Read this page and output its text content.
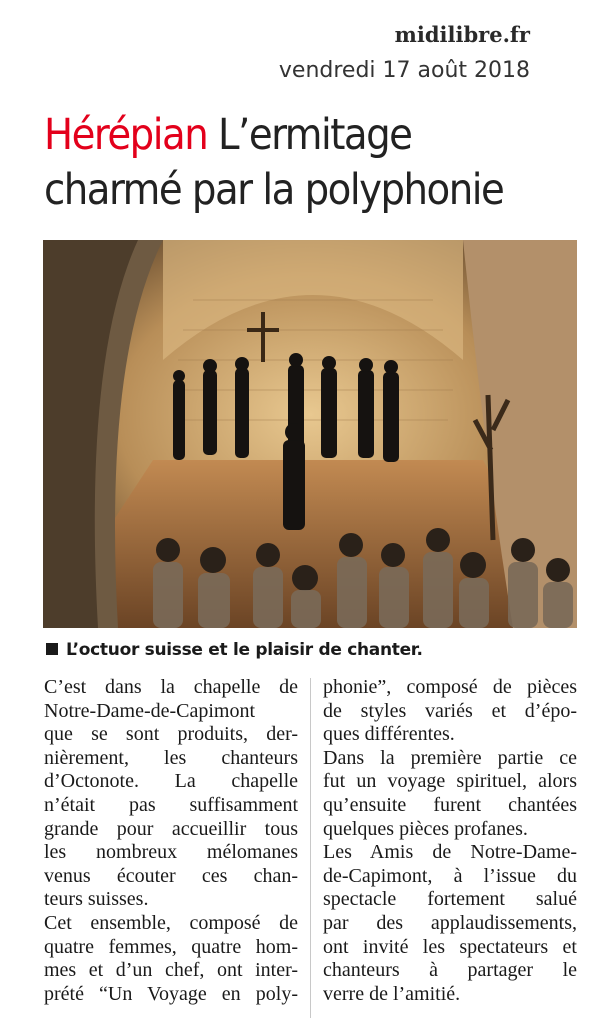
midilibre.fr
vendredi 17 août 2018
Hérépian L’ermitage
charmé par la polyphonie
L’octuor suisse et le plaisir de chanter.

C’est dans la chapelle de

Notre-Dame-de-Capimont

que se sont produits, der-

nièrement, les chanteurs

d’Octonote. La chapelle

n’était pas suffisamment

grande pour accueillir tous

les nombreux mélomanes

venus écouter ces chan-

teurs suisses.

Cet ensemble, composé de

quatre femmes, quatre hom-

mes et d’un chef, ont inter-

prété “Un Voyage en poly-

phonie”, composé de pièces

de styles variés et d’épo-

ques différentes.

Dans la première partie ce

fut un voyage spirituel, alors

qu’ensuite furent chantées

quelques pièces profanes.

Les Amis de Notre-Dame-

de-Capimont, à l’issue du

spectacle fortement salué

par des applaudissements,

ont invité les spectateurs et

chanteurs à partager le

verre de l’amitié.
